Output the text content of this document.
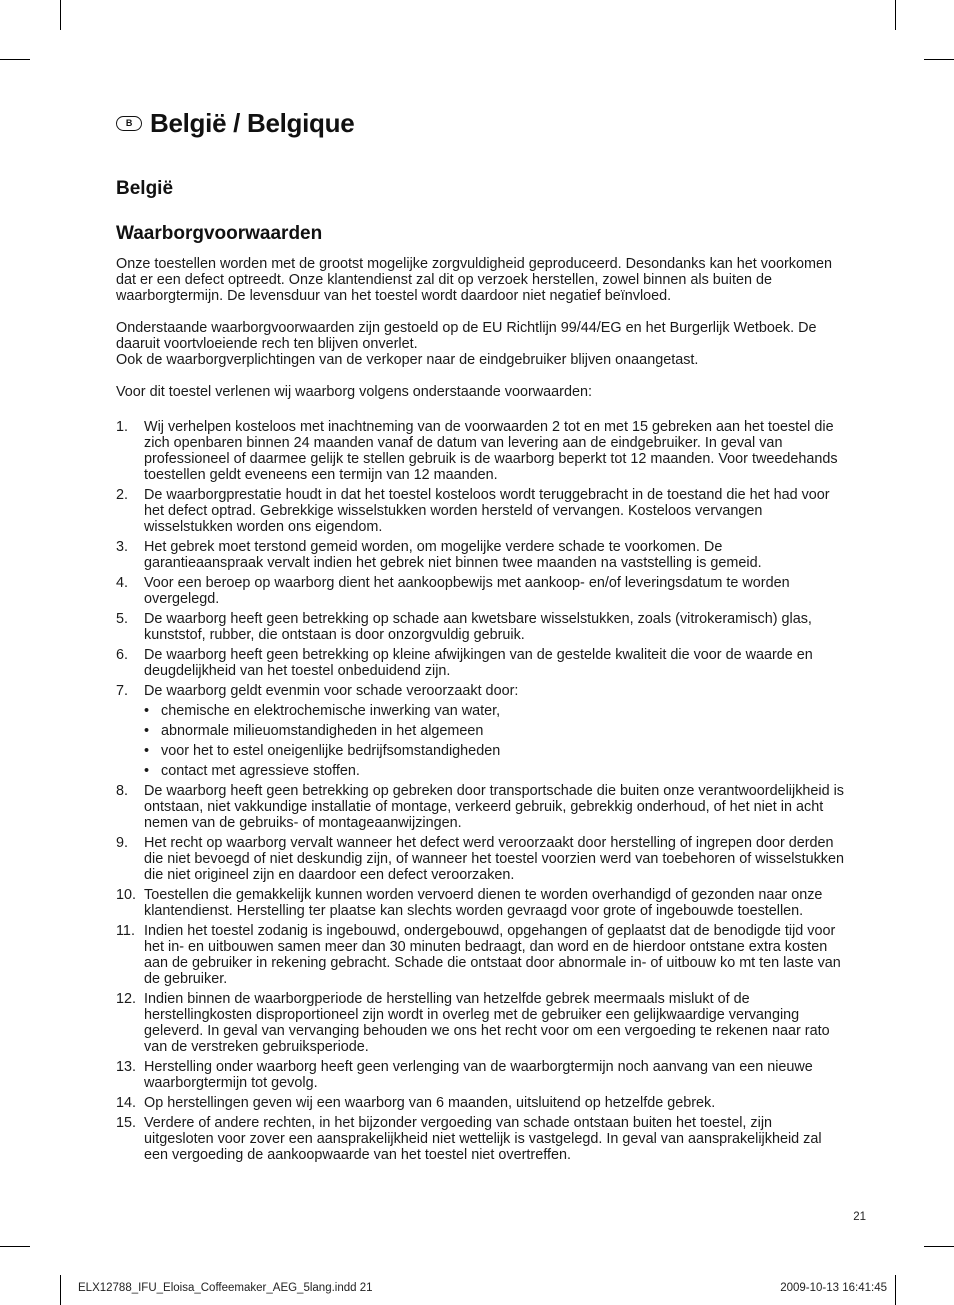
B België / Belgique
België
Waarborgvoorwaarden

Onze toestellen worden met de grootst mogelijke zorgvuldigheid geproduceerd. Desondanks kan het voorkomen dat er een defect optreedt. Onze klantendienst zal dit op verzoek herstellen, zowel binnen als buiten de waarborgtermijn. De levensduur van het toestel wordt daardoor niet negatief beïnvloed.

Onderstaande waarborgvoorwaarden zijn gestoeld op de EU Richtlijn 99/44/EG en het Burgerlijk Wetboek. De daaruit voortvloeiende rech ten blijven onverlet.
Ook de waarborgverplichtingen van de verkoper naar de eindgebruiker blijven onaangetast.

Voor dit toestel verlenen wij waarborg volgens onderstaande voorwaarden:

1.	Wij verhelpen kosteloos met inachtneming van de voorwaarden 2 tot en met 15 gebreken aan het toestel die zich openbaren binnen 24 maanden vanaf de datum van levering aan de eindgebruiker. In geval van professioneel of daarmee gelijk te stellen gebruik is de waarborg beperkt tot 12 maanden. Voor tweedehands toestellen geldt eveneens een termijn van 12 maanden.
2.	De waarborgprestatie houdt in dat het toestel kosteloos wordt teruggebracht in de toestand die het had voor het defect optrad. Gebrekkige wisselstukken worden hersteld of vervangen. Kosteloos vervangen wisselstukken worden ons eigendom.
3.	Het gebrek moet terstond gemeid worden, om mogelijke verdere schade te voorkomen. De garantieaanspraak vervalt indien het gebrek niet binnen twee maanden na vaststelling is gemeid.
4.	Voor een beroep op waarborg dient het aankoopbewijs met aankoop- en/of leveringsdatum te worden overgelegd.
5.	De waarborg heeft geen betrekking op schade aan kwetsbare wisselstukken, zoals (vitrokeramisch) glas, kunststof, rubber, die ontstaan is door onzorgvuldig gebruik.
6.	De waarborg heeft geen betrekking op kleine afwijkingen van de gestelde kwaliteit die voor de waarde en deugdelijkheid van het toestel onbeduidend zijn.
7.	De waarborg geldt evenmin voor schade veroorzaakt door:
• chemische en elektrochemische inwerking van water,
• abnormale milieuomstandigheden in het algemeen
• voor het to estel oneigenlijke bedrijfsomstandigheden
• contact met agressieve stoffen.
8.	De waarborg heeft geen betrekking op gebreken door transportschade die buiten onze verantwoordelijkheid is ontstaan, niet vakkundige installatie of montage, verkeerd gebruik, gebrekkig onderhoud, of het niet in acht nemen van de gebruiks- of montageaanwijzingen.
9.	Het recht op waarborg vervalt wanneer het defect werd veroorzaakt door herstelling of ingrepen door derden die niet bevoegd of niet deskundig zijn, of wanneer het toestel voorzien werd van toebehoren of wisselstukken die niet origineel zijn en daardoor een defect veroorzaken.
10. Toestellen die gemakkelijk kunnen worden vervoerd dienen te worden overhandigd of gezonden naar onze klantendienst. Herstelling ter plaatse kan slechts worden gevraagd voor grote of ingebouwde toestellen.
11. Indien het toestel zodanig is ingebouwd, ondergebouwd, opgehangen of geplaatst dat de benodigde tijd voor het in- en uitbouwen samen meer dan 30 minuten bedraagt, dan word en de hierdoor ontstane extra kosten aan de gebruiker in rekening gebracht. Schade die ontstaat door abnormale in- of uitbouw ko mt ten laste van de gebruiker.
12. Indien binnen de waarborgperiode de herstelling van hetzelfde gebrek meermaals mislukt of de herstellingkosten disproportioneel zijn wordt in overleg met de gebruiker een gelijkwaardige vervanging geleverd. In geval van vervanging behouden we ons het recht voor om een vergoeding te rekenen naar rato van de verstreken gebruiksperiode.
13. Herstelling onder waarborg heeft geen verlenging van de waarborgtermijn noch aanvang van een nieuwe waarborgtermijn tot gevolg.
14. Op herstellingen geven wij een waarborg van 6 maanden, uitsluitend op hetzelfde gebrek.
15. Verdere of andere rechten, in het bijzonder vergoeding van schade ontstaan buiten het toestel, zijn uitgesloten voor zover een aansprakelijkheid niet wettelijk is vastgelegd. In geval van aansprakelijkheid zal een vergoeding de aankoopwaarde van het toestel niet overtreffen.
21
ELX12788_IFU_Eloisa_Coffeemaker_AEG_5lang.indd 21	2009-10-13 16:41:45
